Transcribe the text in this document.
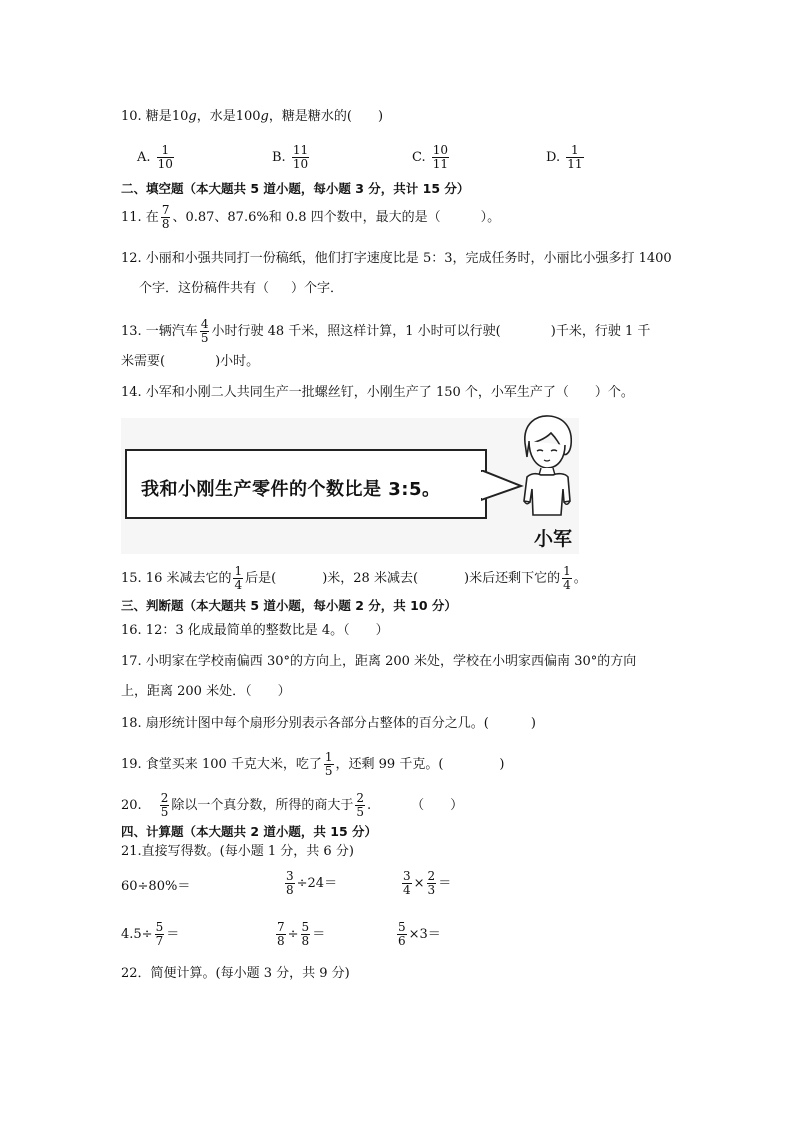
10. 糖是10g，水是100g，糖是糖水的( )
A. $\frac{1}{10}$	B. $\frac{11}{10}$	C. $\frac{10}{11}$	D. $\frac{1}{11}$
二、填空题（本大题共 5 道小题，每小题 3 分，共计 15 分）
11. 在 $\frac{7}{8}$ 、0.87、87.6%和 0.8 四个数中，最大的是（	）。
12. 小丽和小强共同打一份稿纸，他们打字速度比是 5：3，完成任务时，小丽比小强多打 1400
个字．这份稿件共有（ ）个字．
13. 一辆汽车 $\frac{4}{5}$ 小时行驶 48 千米，照这样计算，1 小时可以行驶(	)千米，行驶 1 千
米需要(	)小时。
14. 小军和小刚二人共同生产一批螺丝钉，小刚生产了 150 个，小军生产了（ ）个。
我和小刚生产零件的个数比是 3:5。
小军
15. 16 米减去它的 $\frac{1}{4}$ 后是(	)米，28 米减去(	)米后还剩下它的 $\frac{1}{4}$ 。
三、判断题（本大题共 5 道小题，每小题 2 分，共 10 分）
16. 12：3 化成最简单的整数比是 4。（ ）
17. 小明家在学校南偏西 30°的方向上，距离 200 米处，学校在小明家西偏南 30°的方向
上，距离 200 米处．（ ）
18. 扇形统计图中每个扇形分别表示各部分占整体的百分之几。(	)
19. 食堂买来 100 千克大米，吃了 $\frac{1}{5}$ ，还剩 99 千克。(	)
20. $\frac{2}{5}$ 除以一个真分数，所得的商大于 $\frac{2}{5}$ .	（ ）
四、计算题（本大题共 2 道小题，共 15 分）
21.直接写得数。(每小题 1 分，共 6 分)
60÷80%＝	$\frac{3}{8} \div 24=$	$\frac{3}{4} \times \frac{2}{3}$ ＝
$4.5\div \frac{5}{7}$ ＝	$\frac{7}{8} \div \frac{5}{8}$ ＝	$\frac{5}{6} \times 3=$
22．简便计算。(每小题 3 分，共 9 分)
